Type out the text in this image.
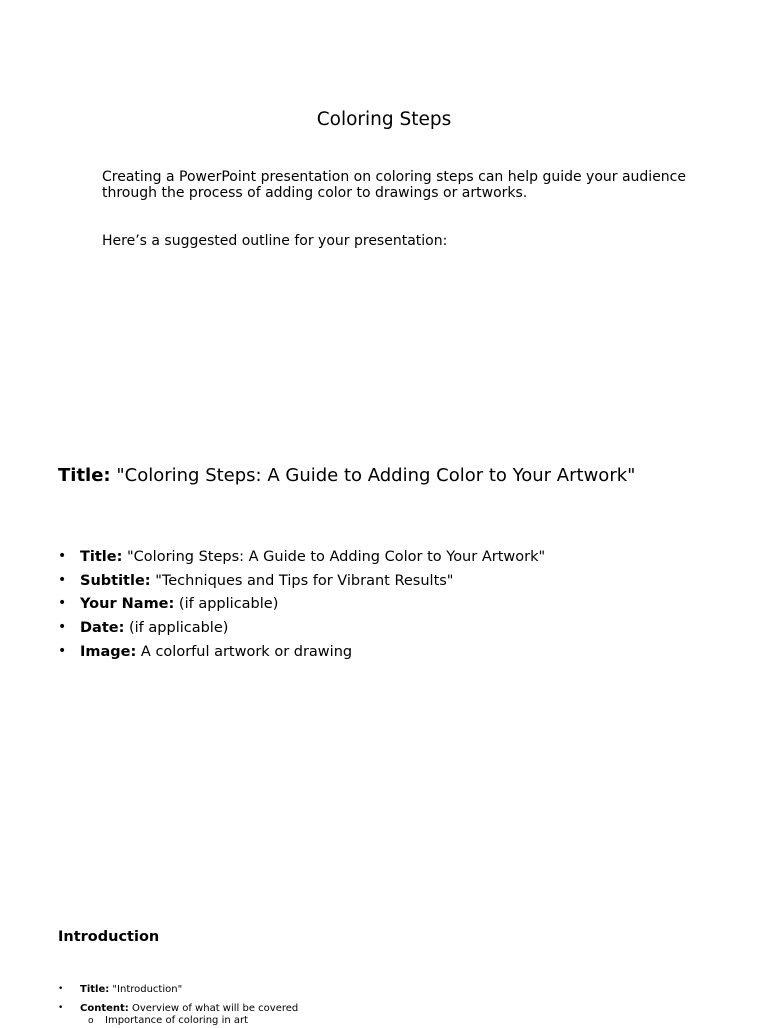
Coloring Steps
Creating a PowerPoint presentation on coloring steps can help guide your audience through the process of adding color to drawings or artworks.
Here’s a suggested outline for your presentation:
Title: "Coloring Steps: A Guide to Adding Color to Your Artwork"
• Title: "Coloring Steps: A Guide to Adding Color to Your Artwork"
• Subtitle: "Techniques and Tips for Vibrant Results"
• Your Name: (if applicable)
• Date: (if applicable)
• Image: A colorful artwork or drawing
Introduction
• Title: "Introduction"
• Content: Overview of what will be covered
o Importance of coloring in art
